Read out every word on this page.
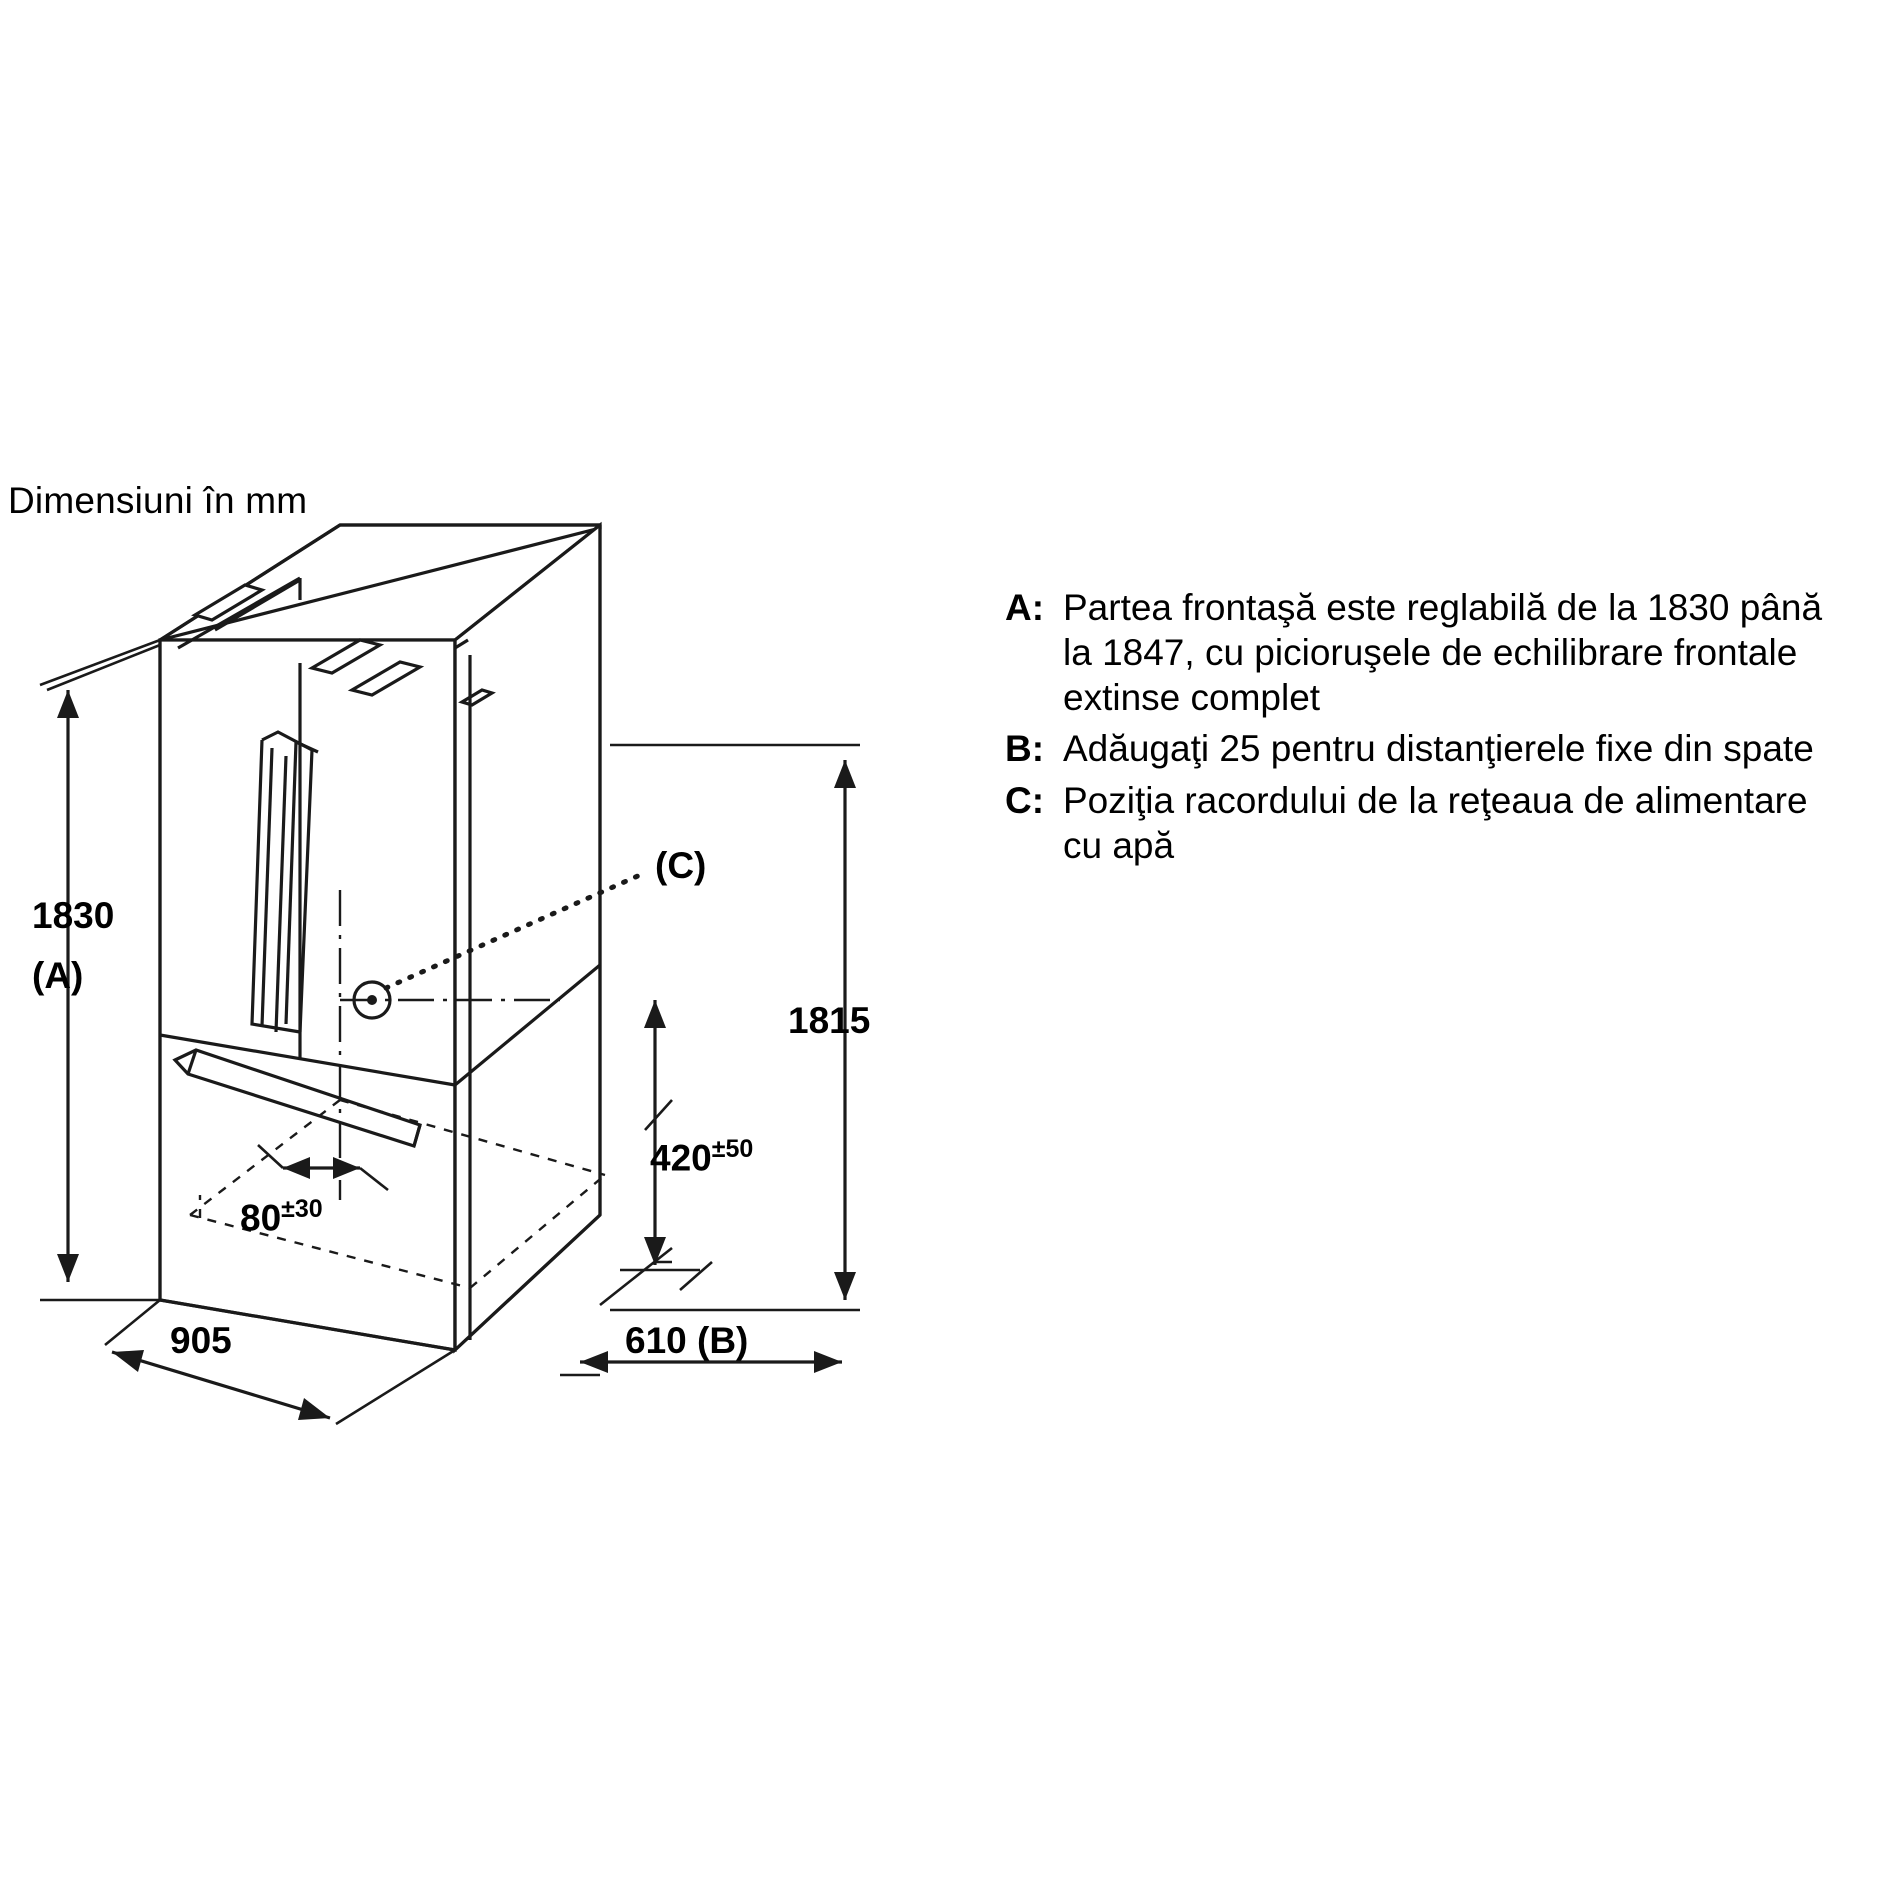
Dimensiuni în mm
1830
(A)
1815
$420^{\pm 50}$
$80^{\pm 30}$
905	610 (B)
(C)
A: Partea frontaşă este reglabilă de la 1830 până la 1847, cu picioruşele de echilibrare frontale extinse complet
B: Adăugaţi 25 pentru distanţierele fixe din spate
C: Poziţia racordului de la reţeaua de alimentare cu apă
